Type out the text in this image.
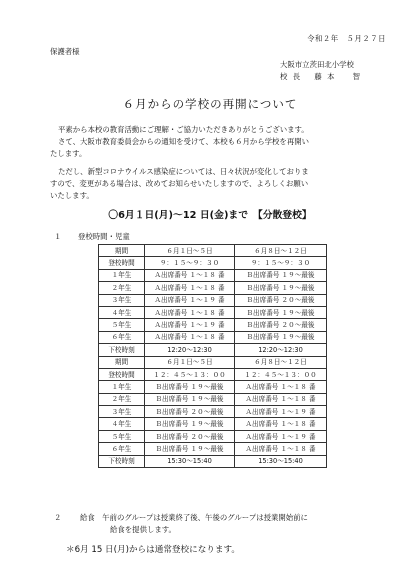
令和２年　５月２７日
保護者様
大阪市立茨田北小学校
校 長　 藤 本 　 智
６月からの学校の再開について
平素から本校の教育活動にご理解・ご協力いただきありがとうございます。
さて、大阪市教育委員会からの通知を受けて、本校も６月から学校を再開い
たします。
ただし、新型コロナウイルス感染症については、日々状況が変化しておりま
すので、変更がある場合は、改めてお知らせいたしますので、よろしくお願い
いたします。
〇6月１日(月)～12 日(金)まで　【分散登校】
１ 登校時間・児童
期間	６月１日～５日	６月８日～１２日
登校時間	９：１５～９：３０	９：１５～９：３０
１年生	Ａ出席番号 １～１８ 番	Ｂ出席番号 １９～最後
２年生	Ａ出席番号 １～１８ 番	Ｂ出席番号 １９～最後
３年生	Ａ出席番号 １～１９ 番	Ｂ出席番号 ２０～最後
４年生	Ａ出席番号 １～１８ 番	Ｂ出席番号 １９～最後
５年生	Ａ出席番号 １～１９ 番	Ｂ出席番号 ２０～最後
６年生	Ａ出席番号 １～１８ 番	Ｂ出席番号 １９～最後
下校時刻	12:20～12:30	12:20～12:30
期間	６月１日～５日	６月８日～１２日
登校時間	１２：４５～１３：００	１２：４５～１３：００
１年生	Ｂ出席番号 １９～最後	Ａ出席番号 １～１８ 番
２年生	Ｂ出席番号 １９～最後	Ａ出席番号 １～１８ 番
３年生	Ｂ出席番号 ２０～最後	Ａ出席番号 １～１９ 番
４年生	Ｂ出席番号 １９～最後	Ａ出席番号 １～１８ 番
５年生	Ｂ出席番号 ２０～最後	Ａ出席番号 １～１９ 番
６年生	Ｂ出席番号 １９～最後	Ａ出席番号 １～１８ 番
下校時刻	15:30～15:40	15:30～15:40
２	給食　午前のグループは授業終了後、午後のグループは授業開始前に
給食を提供します。
＊6月 15 日(月)からは通常登校になります。
